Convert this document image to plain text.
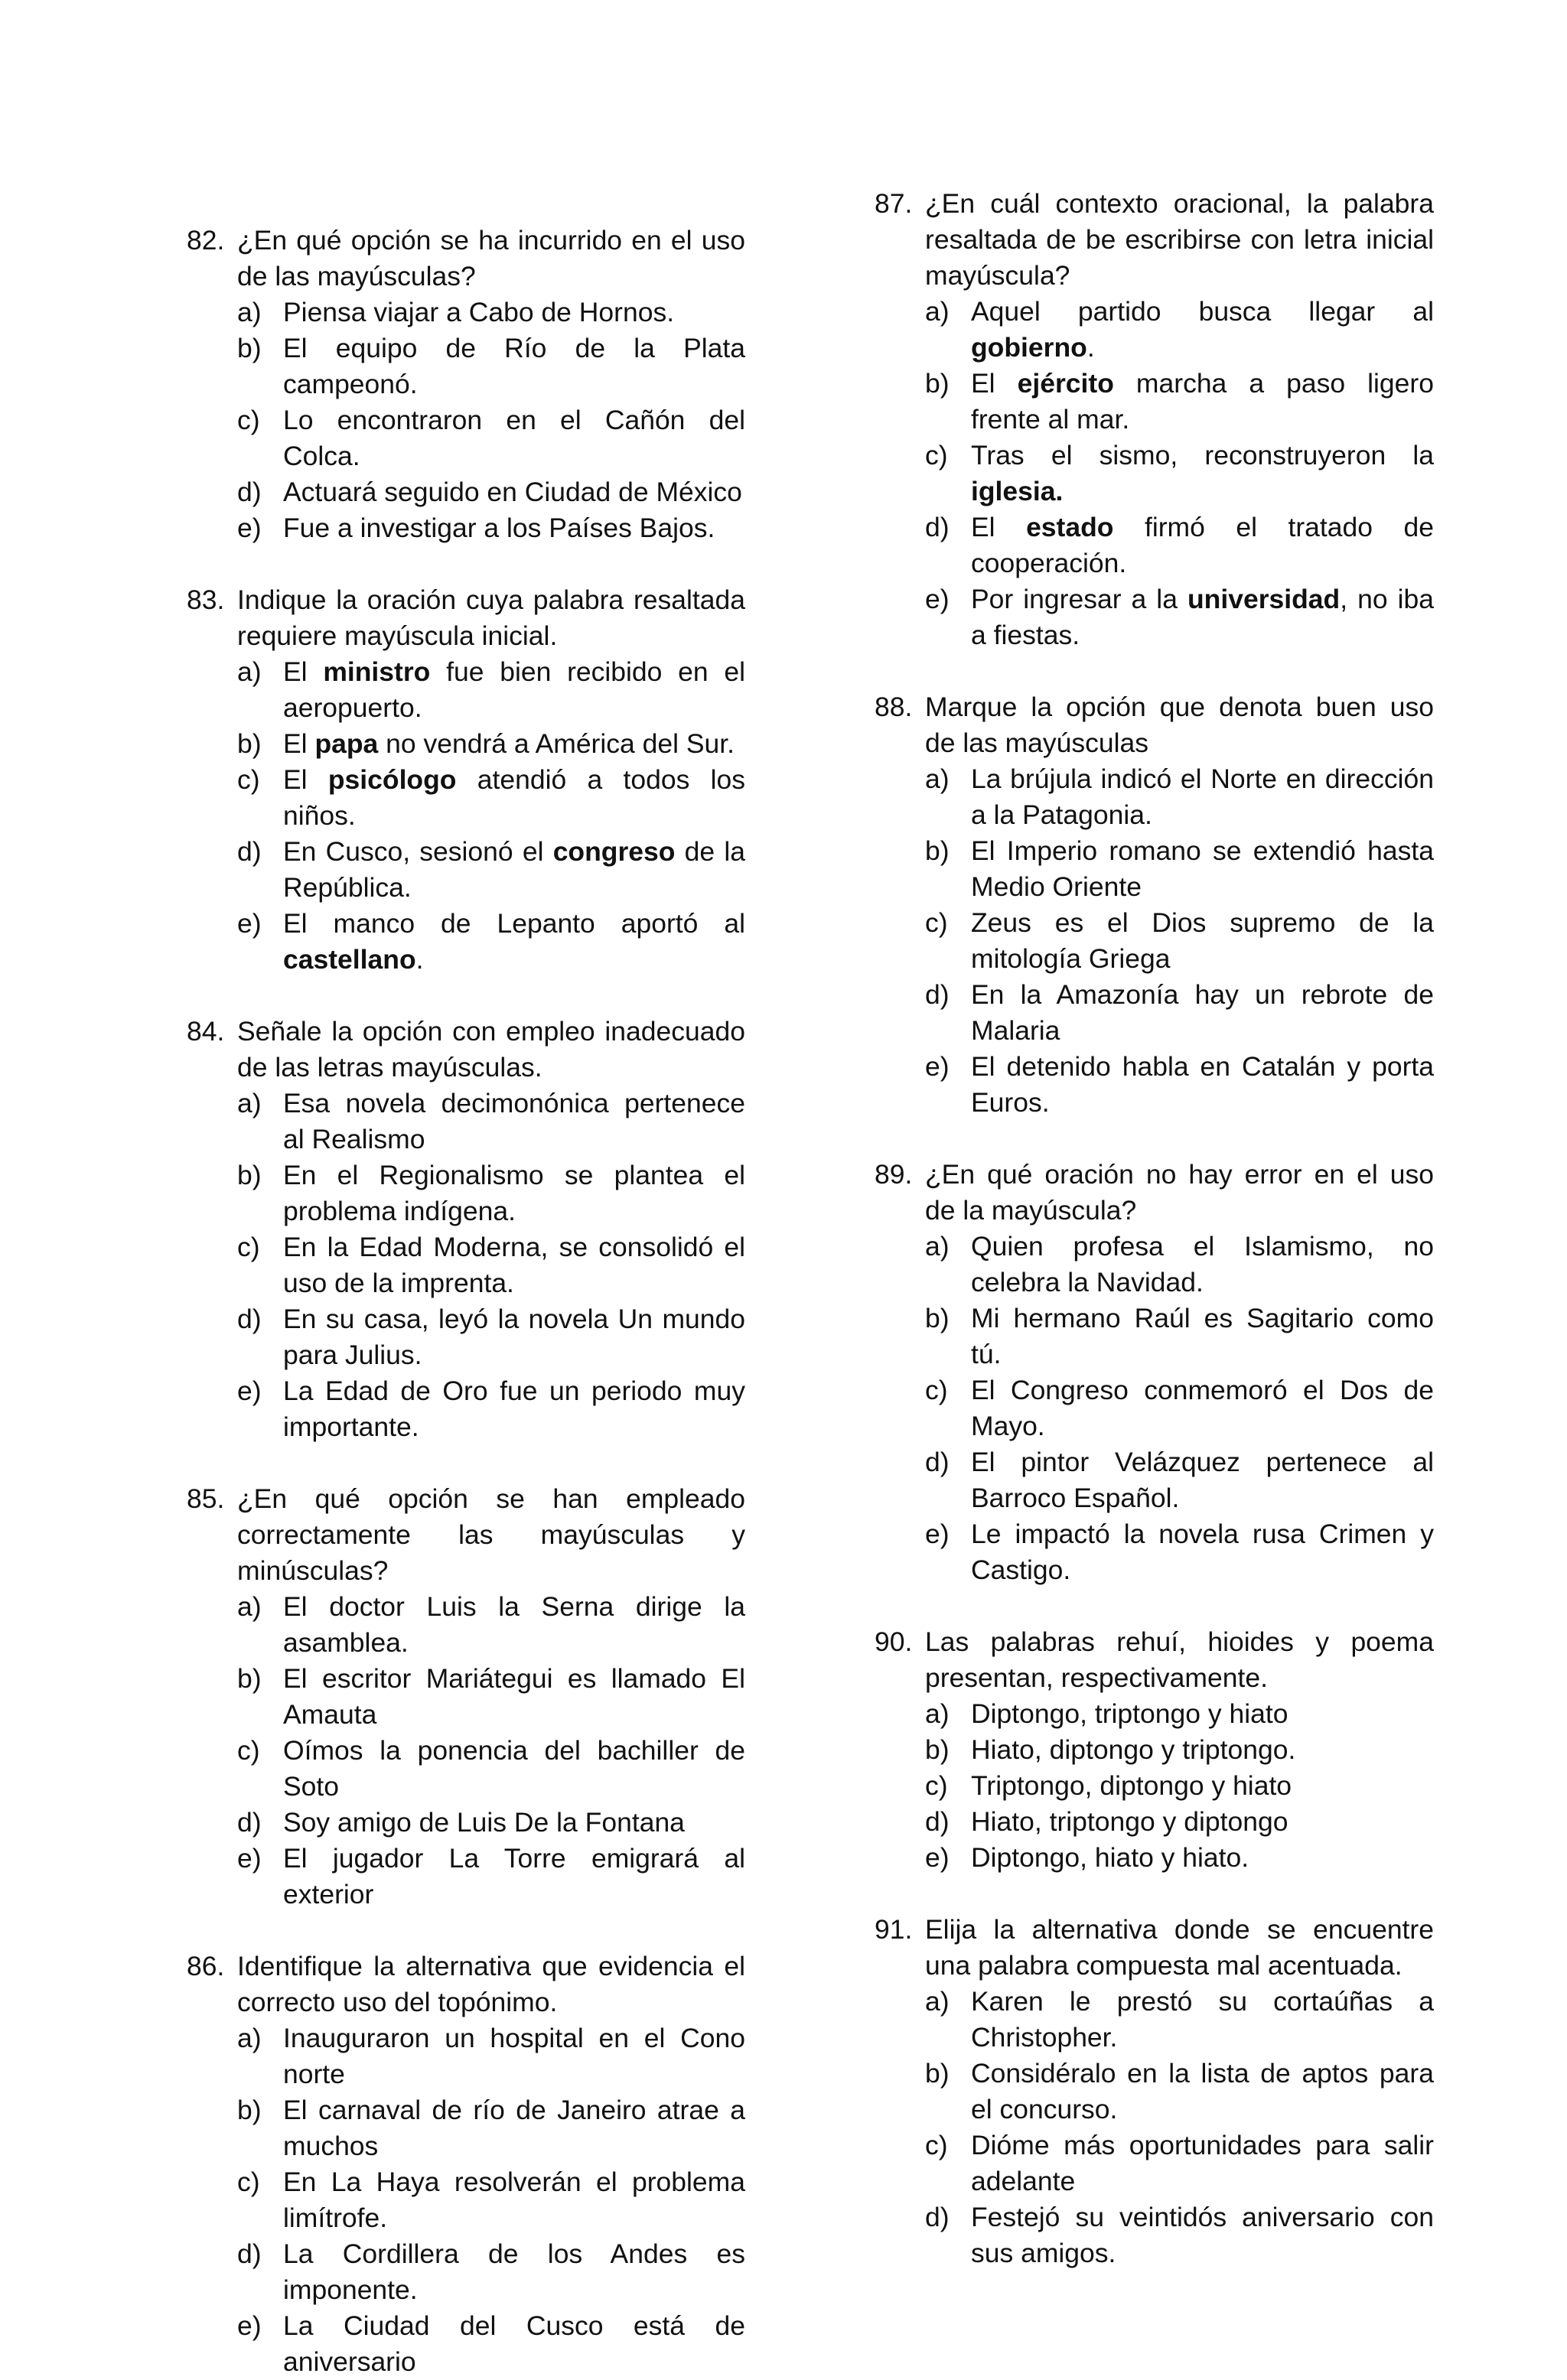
82. ¿En qué opción se ha incurrido en el uso de las mayúsculas?
a) Piensa viajar a Cabo de Hornos.
b) El equipo de Río de la Plata campeonó.
c) Lo encontraron en el Cañón del Colca.
d) Actuará seguido en Ciudad de México
e) Fue a investigar a los Países Bajos.
83. Indique la oración cuya palabra resaltada requiere mayúscula inicial.
a) El ministro fue bien recibido en el aeropuerto.
b) El papa no vendrá a América del Sur.
c) El psicólogo atendió a todos los niños.
d) En Cusco, sesionó el congreso de la República.
e) El manco de Lepanto aportó al castellano.
84. Señale la opción con empleo inadecuado de las letras mayúsculas.
a) Esa novela decimonónica pertenece al Realismo
b) En el Regionalismo se plantea el problema indígena.
c) En la Edad Moderna, se consolidó el uso de la imprenta.
d) En su casa, leyó la novela Un mundo para Julius.
e) La Edad de Oro fue un periodo muy importante.
85. ¿En qué opción se han empleado correctamente las mayúsculas y minúsculas?
a) El doctor Luis la Serna dirige la asamblea.
b) El escritor Mariátegui es llamado El Amauta
c) Oímos la ponencia del bachiller de Soto
d) Soy amigo de Luis De la Fontana
e) El jugador La Torre emigrará al exterior
86. Identifique la alternativa que evidencia el correcto uso del topónimo.
a) Inauguraron un hospital en el Cono norte
b) El carnaval de río de Janeiro atrae a muchos
c) En La Haya resolverán el problema limítrofe.
d) La Cordillera de los Andes es imponente.
e) La Ciudad del Cusco está de aniversario
87. ¿En cuál contexto oracional, la palabra resaltada de be escribirse con letra inicial mayúscula?
a) Aquel partido busca llegar al gobierno.
b) El ejército marcha a paso ligero frente al mar.
c) Tras el sismo, reconstruyeron la iglesia.
d) El estado firmó el tratado de cooperación.
e) Por ingresar a la universidad, no iba a fiestas.
88. Marque la opción que denota buen uso de las mayúsculas
a) La brújula indicó el Norte en dirección a la Patagonia.
b) El Imperio romano se extendió hasta Medio Oriente
c) Zeus es el Dios supremo de la mitología Griega
d) En la Amazonía hay un rebrote de Malaria
e) El detenido habla en Catalán y porta Euros.
89. ¿En qué oración no hay error en el uso de la mayúscula?
a) Quien profesa el Islamismo, no celebra la Navidad.
b) Mi hermano Raúl es Sagitario como tú.
c) El Congreso conmemoró el Dos de Mayo.
d) El pintor Velázquez pertenece al Barroco Español.
e) Le impactó la novela rusa Crimen y Castigo.
90. Las palabras rehuí, hioides y poema presentan, respectivamente.
a) Diptongo, triptongo y hiato
b) Hiato, diptongo y triptongo.
c) Triptongo, diptongo y hiato
d) Hiato, triptongo y diptongo
e) Diptongo, hiato y hiato.
91. Elija la alternativa donde se encuentre una palabra compuesta mal acentuada.
a) Karen le prestó su cortaúñas a Christopher.
b) Considéralo en la lista de aptos para el concurso.
c) Dióme más oportunidades para salir adelante
d) Festejó su veintidós aniversario con sus amigos.
